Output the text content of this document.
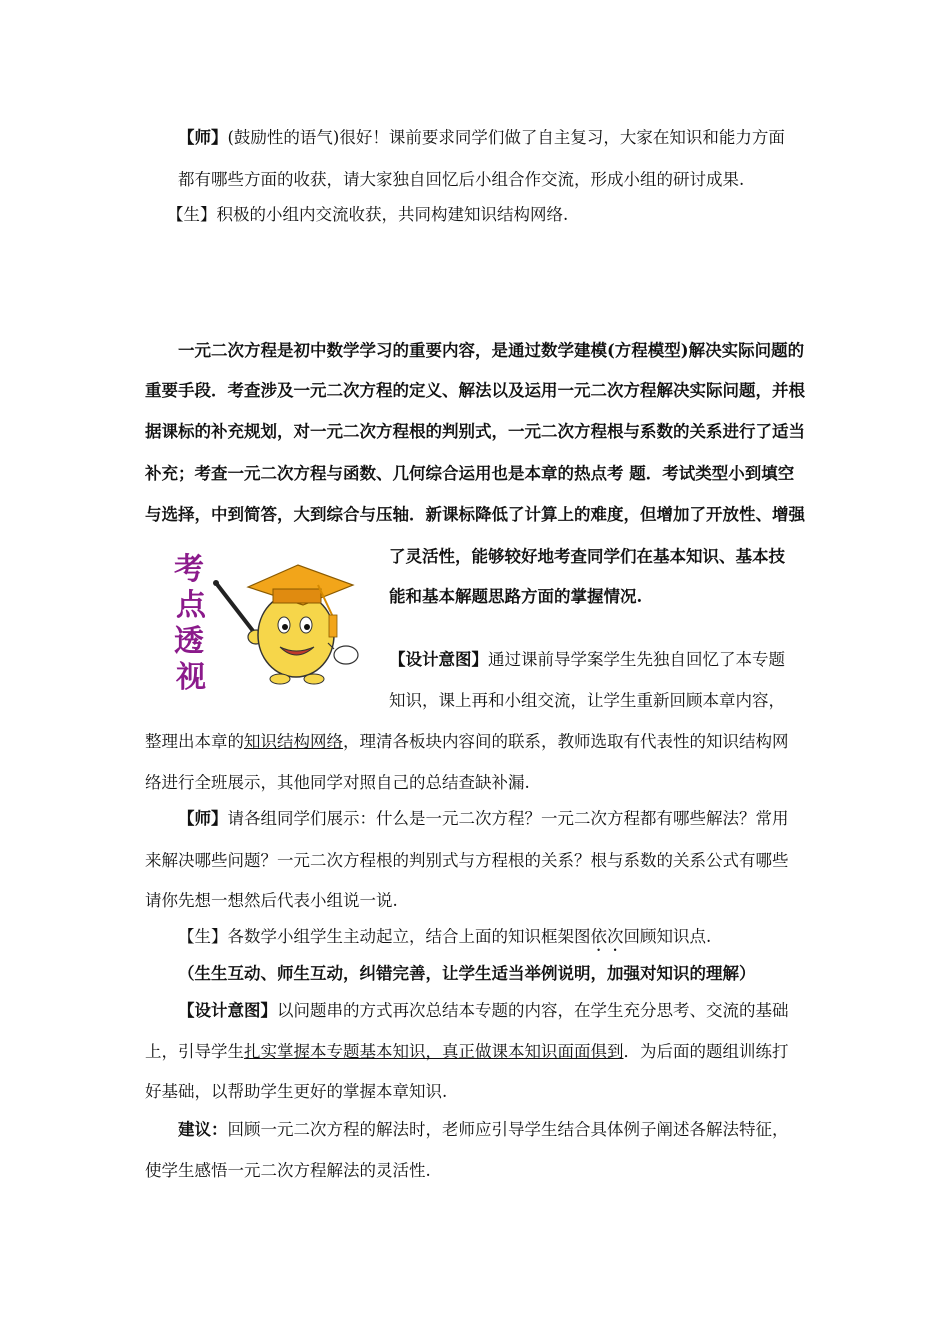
【师】(鼓励性的语气)很好！课前要求同学们做了自主复习，大家在知识和能力方面
都有哪些方面的收获，请大家独自回忆后小组合作交流，形成小组的研讨成果.
【生】积极的小组内交流收获，共同构建知识结构网络.
一元二次方程是初中数学学习的重要内容，是通过数学建模(方程模型)解决实际问题的
重要手段．考查涉及一元二次方程的定义、解法以及运用一元二次方程解决实际问题，并根
据课标的补充规划，对一元二次方程根的判别式，一元二次方程根与系数的关系进行了适当
补充；考查一元二次方程与函数、几何综合运用也是本章的热点考 题．考试类型小到填空
与选择，中到简答，大到综合与压轴．新课标降低了计算上的难度，但增加了开放性、增强
了灵活性，能够较好地考查同学们在基本知识、基本技
能和基本解题思路方面的掌握情况.
考
点
透
视
【设计意图】通过课前导学案学生先独自回忆了本专题
知识，课上再和小组交流，让学生重新回顾本章内容，
整理出本章的知识结构网络，理清各板块内容间的联系，教师选取有代表性的知识结构网
络进行全班展示，其他同学对照自己的总结查缺补漏.
【师】请各组同学们展示：什么是一元二次方程？一元二次方程都有哪些解法？常用
来解决哪些问题？一元二次方程根的判别式与方程根的关系？根与系数的关系公式有哪些
请你先想一想然后代表小组说一说.
【生】各数学小组学生主动起立，结合上面的知识框架图依次回顾知识点.
（生生互动、师生互动，纠错完善，让学生适当举例说明，加强对知识的理解）
【设计意图】以问题串的方式再次总结本专题的内容，在学生充分思考、交流的基础
上，引导学生扎实掌握本专题基本知识，真正做课本知识面面俱到．为后面的题组训练打
好基础，以帮助学生更好的掌握本章知识.
建议：回顾一元二次方程的解法时，老师应引导学生结合具体例子阐述各解法特征，
使学生感悟一元二次方程解法的灵活性.
